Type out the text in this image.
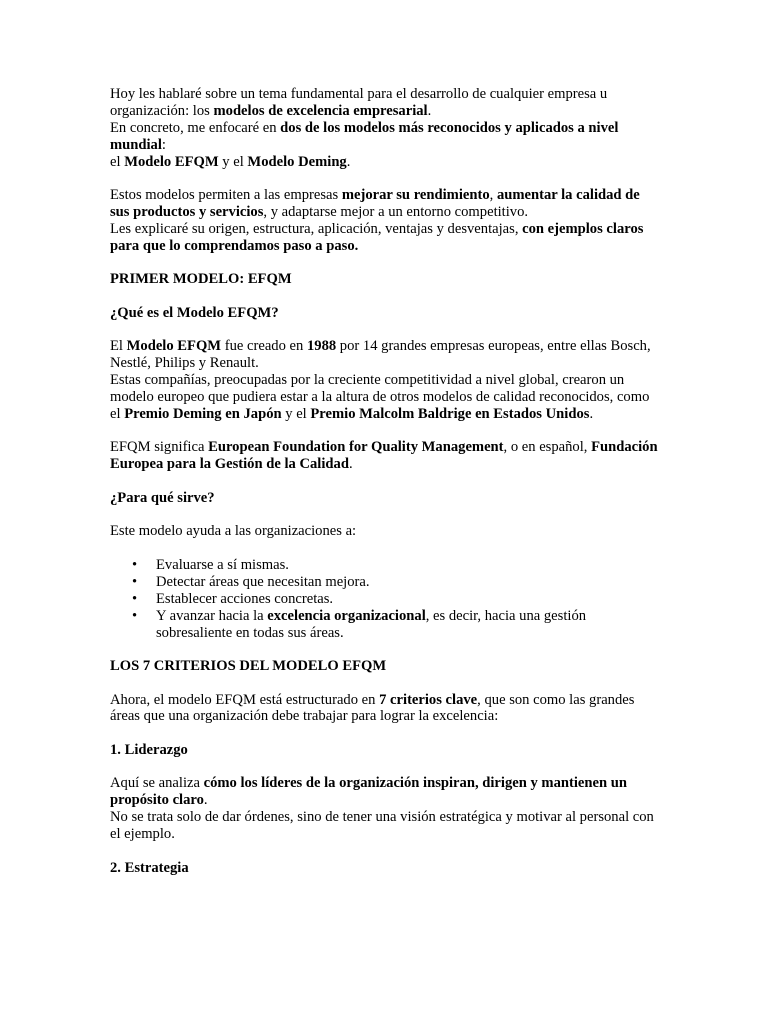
Hoy les hablaré sobre un tema fundamental para el desarrollo de cualquier empresa u organización: los modelos de excelencia empresarial.
En concreto, me enfocaré en dos de los modelos más reconocidos y aplicados a nivel mundial:
el Modelo EFQM y el Modelo Deming.

Estos modelos permiten a las empresas mejorar su rendimiento, aumentar la calidad de sus productos y servicios, y adaptarse mejor a un entorno competitivo.
Les explicaré su origen, estructura, aplicación, ventajas y desventajas, con ejemplos claros para que lo comprendamos paso a paso.

PRIMER MODELO: EFQM
¿Qué es el Modelo EFQM?

El Modelo EFQM fue creado en 1988 por 14 grandes empresas europeas, entre ellas Bosch, Nestlé, Philips y Renault.
Estas compañías, preocupadas por la creciente competitividad a nivel global, crearon un modelo europeo que pudiera estar a la altura de otros modelos de calidad reconocidos, como el Premio Deming en Japón y el Premio Malcolm Baldrige en Estados Unidos.

EFQM significa European Foundation for Quality Management, o en español, Fundación Europea para la Gestión de la Calidad.

¿Para qué sirve?

Este modelo ayuda a las organizaciones a:

• Evaluarse a sí mismas.
• Detectar áreas que necesitan mejora.
• Establecer acciones concretas.
• Y avanzar hacia la excelencia organizacional, es decir, hacia una gestión sobresaliente en todas sus áreas.
LOS 7 CRITERIOS DEL MODELO EFQM

Ahora, el modelo EFQM está estructurado en 7 criterios clave, que son como las grandes áreas que una organización debe trabajar para lograr la excelencia:

1. Liderazgo

Aquí se analiza cómo los líderes de la organización inspiran, dirigen y mantienen un propósito claro.
No se trata solo de dar órdenes, sino de tener una visión estratégica y motivar al personal con el ejemplo.

2. Estrategia
